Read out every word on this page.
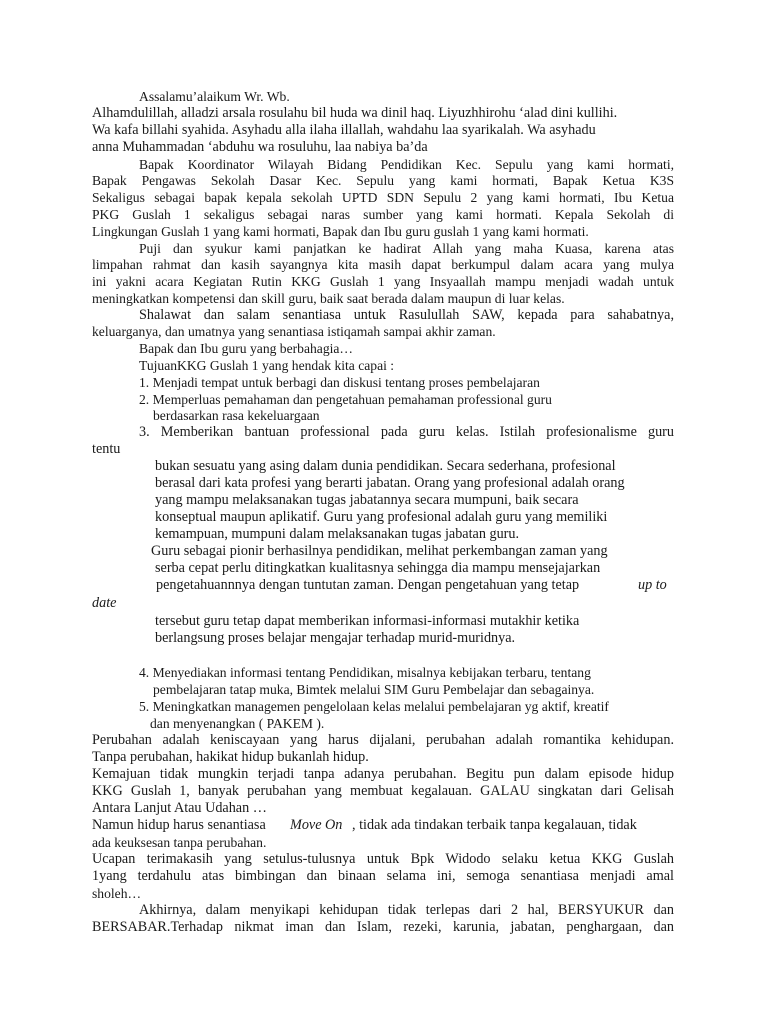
Assalamu’alaikum Wr. Wb.
Alhamdulillah, alladzi arsala rosulahu bil huda wa dinil haq. Liyuzhhirohu ‘alad dini kullihi.
Wa kafa billahi syahida. Asyhadu alla ilaha illallah, wahdahu laa syarikalah. Wa asyhadu
anna Muhammadan ‘abduhu wa rosuluhu, laa nabiya ba’da
Bapak Koordinator Wilayah Bidang Pendidikan Kec. Sepulu yang kami hormati,
Bapak Pengawas Sekolah Dasar Kec. Sepulu yang kami hormati, Bapak Ketua K3S
Sekaligus sebagai bapak kepala sekolah UPTD SDN Sepulu 2 yang kami hormati, Ibu Ketua
PKG Guslah 1 sekaligus sebagai naras sumber yang kami hormati. Kepala Sekolah di
Lingkungan Guslah 1 yang kami hormati, Bapak dan Ibu guru guslah 1 yang kami hormati.
Puji dan syukur kami panjatkan ke hadirat Allah yang maha Kuasa, karena atas
limpahan rahmat dan kasih sayangnya kita masih dapat berkumpul dalam acara yang mulya
ini yakni acara Kegiatan Rutin KKG Guslah 1 yang Insyaallah mampu menjadi wadah untuk
meningkatkan kompetensi dan skill guru, baik saat berada dalam maupun di luar kelas.
Shalawat dan salam senantiasa untuk Rasulullah SAW, kepada para sahabatnya,
keluarganya, dan umatnya yang senantiasa istiqamah sampai akhir zaman.
Bapak dan Ibu guru yang berbahagia…
TujuanKKG Guslah 1 yang hendak kita capai :
1. Menjadi tempat untuk berbagi dan diskusi tentang proses pembelajaran
2. Memperluas pemahaman dan pengetahuan pemahaman professional guru
berdasarkan rasa kekeluargaan
3. Memberikan bantuan professional pada guru kelas. Istilah profesionalisme guru
tentu
bukan sesuatu yang asing dalam dunia pendidikan. Secara sederhana, profesional
berasal dari kata profesi yang berarti jabatan. Orang yang profesional adalah orang
yang mampu melaksanakan tugas jabatannya secara mumpuni, baik secara
konseptual maupun aplikatif. Guru yang profesional adalah guru yang memiliki
kemampuan, mumpuni dalam melaksanakan tugas jabatan guru.
Guru sebagai pionir berhasilnya pendidikan, melihat perkembangan zaman yang
serba cepat perlu ditingkatkan kualitasnya sehingga dia mampu mensejajarkan
pengetahuannnya dengan tuntutan zaman. Dengan pengetahuan yang tetap	up to
date
tersebut guru tetap dapat memberikan informasi-informasi mutakhir ketika
berlangsung proses belajar mengajar terhadap murid-muridnya.
4. Menyediakan informasi tentang Pendidikan, misalnya kebijakan terbaru, tentang
pembelajaran tatap muka, Bimtek melalui SIM Guru Pembelajar dan sebagainya.
5. Meningkatkan managemen pengelolaan kelas melalui pembelajaran yg aktif, kreatif
dan menyenangkan ( PAKEM ).
Perubahan adalah keniscayaan yang harus dijalani, perubahan adalah romantika kehidupan.
Tanpa perubahan, hakikat hidup bukanlah hidup.
Kemajuan tidak mungkin terjadi tanpa adanya perubahan. Begitu pun dalam episode hidup
KKG Guslah 1, banyak perubahan yang membuat kegalauan. GALAU singkatan dari Gelisah
Antara Lanjut Atau Udahan …
Namun hidup harus senantiasa	Move On , tidak ada tindakan terbaik tanpa kegalauan, tidak
ada keuksesan tanpa perubahan.
Ucapan terimakasih yang setulus-tulusnya untuk Bpk Widodo selaku ketua KKG Guslah
1yang terdahulu atas bimbingan dan binaan selama ini, semoga senantiasa menjadi amal
sholeh…
Akhirnya, dalam menyikapi kehidupan tidak terlepas dari 2 hal, BERSYUKUR dan
BERSABAR.Terhadap nikmat iman dan Islam, rezeki, karunia, jabatan, penghargaan, dan
